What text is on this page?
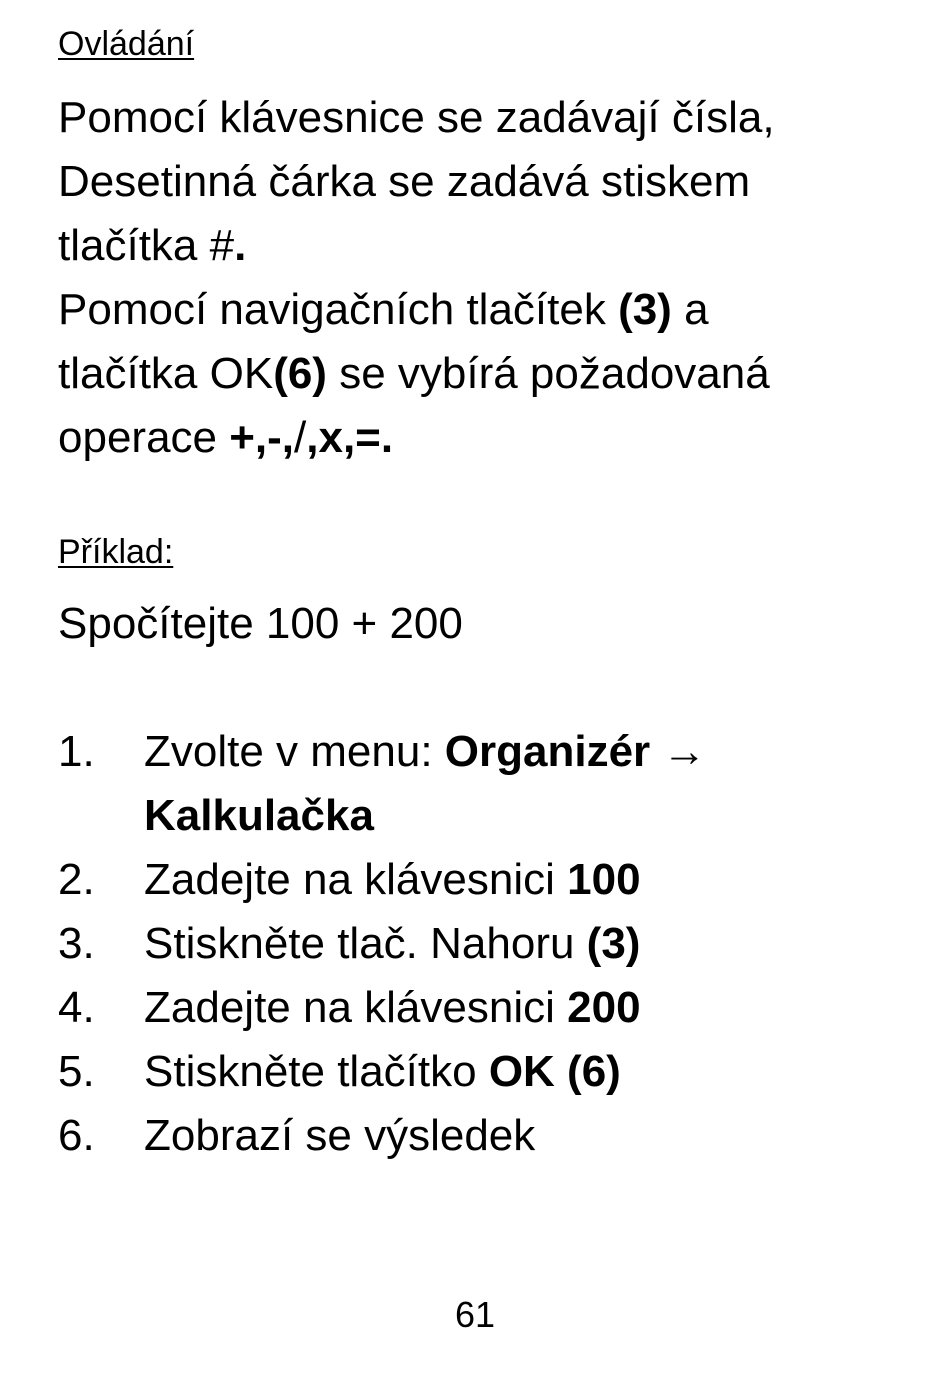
Ovládání
Pomocí klávesnice se zadávají čísla,
Desetinná čárka se zadává stiskem
tlačítka #.
Pomocí navigačních tlačítek (3) a
tlačítka OK(6) se vybírá požadovaná
operace +,-,/,x,=.
Příklad:
Spočítejte 100 + 200
1. Zvolte v menu: Organizér →
Kalkulačka
2. Zadejte na klávesnici 100
3. Stiskněte tlač. Nahoru (3)
4. Zadejte na klávesnici 200
5. Stiskněte tlačítko OK (6)
6. Zobrazí se výsledek
61
